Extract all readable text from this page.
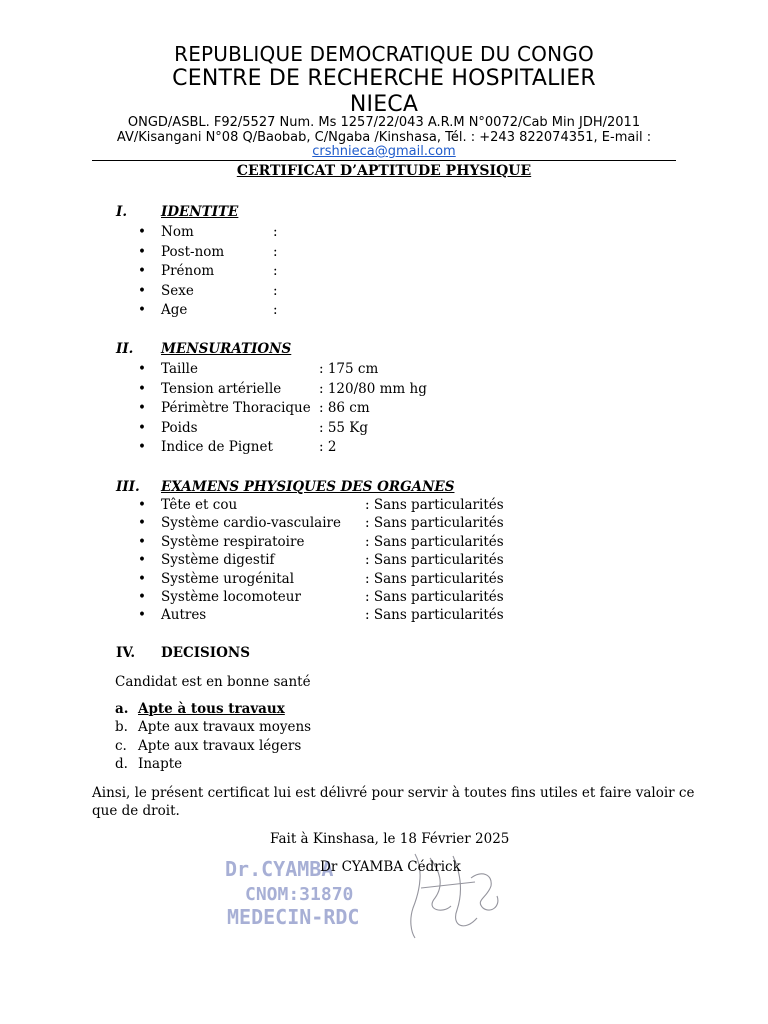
REPUBLIQUE DEMOCRATIQUE DU CONGO
CENTRE DE RECHERCHE HOSPITALIER
NIECA
ONGD/ASBL. F92/5527 Num. Ms 1257/22/043 A.R.M N°0072/Cab Min JDH/2011
AV/Kisangani N°08 Q/Baobab, C/Ngaba /Kinshasa, Tél. : +243 822074351, E-mail :
crshnieca@gmail.com
CERTIFICAT D’APTITUDE PHYSIQUE
I.	IDENTITE
• Nom	:
• Post-nom	:
• Prénom	:
• Sexe	:
• Age	:
II. MENSURATIONS
• Taille	: 175 cm
• Tension artérielle	: 120/80 mm hg
• Périmètre Thoracique : 86 cm
• Poids	: 55 Kg
• Indice de Pignet	: 2
III. EXAMENS PHYSIQUES DES ORGANES
• Tête et cou	: Sans particularités
• Système cardio-vasculaire : Sans particularités
• Système respiratoire	: Sans particularités
• Système digestif	: Sans particularités
• Système urogénital	: Sans particularités
• Système locomoteur	: Sans particularités
• Autres	: Sans particularités
IV. DECISIONS
Candidat est en bonne santé
a. Apte à tous travaux
b. Apte aux travaux moyens
c. Apte aux travaux légers
d. Inapte
Ainsi, le présent certificat lui est délivré pour servir à toutes fins utiles et faire valoir ce
que de droit.
Fait à Kinshasa, le 18 Février 2025
Dr.CYAMBA
CNOM:31870
MEDECIN-RDC
Dr CYAMBA Cédrick
